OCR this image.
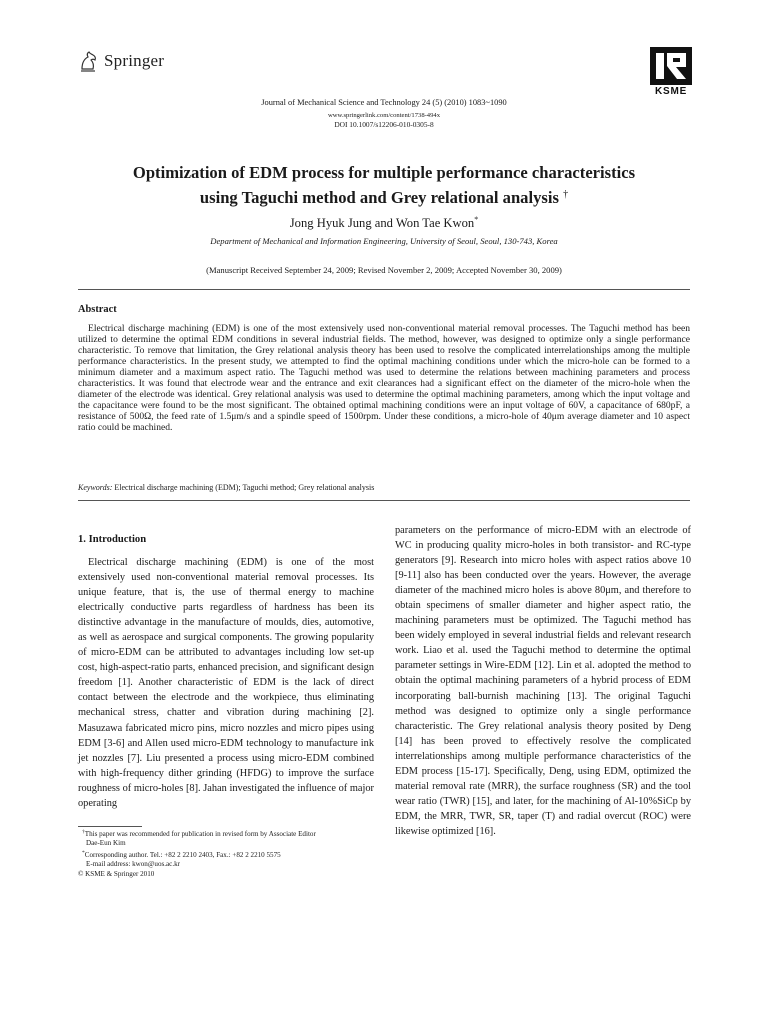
Springer
KSME
Journal of Mechanical Science and Technology 24 (5) (2010) 1083~1090
www.springerlink.com/content/1738-494x
DOI 10.1007/s12206-010-0305-8
Optimization of EDM process for multiple performance characteristics
using Taguchi method and Grey relational analysis †
Jong Hyuk Jung and Won Tae Kwon*
Department of Mechanical and Information Engineering, University of Seoul, Seoul, 130-743, Korea
(Manuscript Received September 24, 2009; Revised November 2, 2009; Accepted November 30, 2009)
Abstract
Electrical discharge machining (EDM) is one of the most extensively used non-conventional material removal processes. The Taguchi method has been utilized to determine the optimal EDM conditions in several industrial fields. The method, however, was designed to optimize only a single performance characteristic. To remove that limitation, the Grey relational analysis theory has been used to resolve the complicated interrelationships among the multiple performance characteristics. In the present study, we attempted to find the optimal machining conditions under which the micro-hole can be formed to a minimum diameter and a maximum aspect ratio. The Taguchi method was used to determine the relations between machining parameters and process characteristics. It was found that electrode wear and the entrance and exit clearances had a significant effect on the diameter of the micro-hole when the diameter of the electrode was identical. Grey relational analysis was used to determine the optimal machining parameters, among which the input voltage and the capacitance were found to be the most significant. The obtained optimal machining conditions were an input voltage of 60V, a capacitance of 680pF, a resistance of 500Ω, the feed rate of 1.5μm/s and a spindle speed of 1500rpm. Under these conditions, a micro-hole of 40μm average diameter and 10 aspect ratio could be machined.
Keywords: Electrical discharge machining (EDM); Taguchi method; Grey relational analysis
1. Introduction
Electrical discharge machining (EDM) is one of the most extensively used non-conventional material removal processes. Its unique feature, that is, the use of thermal energy to machine electrically conductive parts regardless of hardness has been its distinctive advantage in the manufacture of moulds, dies, automotive, as well as aerospace and surgical components. The growing popularity of micro-EDM can be attributed to advantages including low set-up cost, high-aspect-ratio parts, enhanced precision, and significant design freedom [1]. Another characteristic of EDM is the lack of direct contact between the electrode and the workpiece, thus eliminating mechanical stress, chatter and vibration during machining [2]. Masuzawa fabricated micro pins, micro nozzles and micro pipes using EDM [3-6] and Allen used micro-EDM technology to manufacture ink jet nozzles [7]. Liu presented a process using micro-EDM combined with high-frequency dither grinding (HFDG) to improve the surface roughness of micro-holes [8]. Jahan investigated the influence of major operating
parameters on the performance of micro-EDM with an electrode of WC in producing quality micro-holes in both transistor- and RC-type generators [9]. Research into micro holes with aspect ratios above 10 [9-11] also has been conducted over the years. However, the average diameter of the machined micro holes is above 80μm, and therefore to obtain specimens of smaller diameter and higher aspect ratio, the machining parameters must be optimized. The Taguchi method has been widely employed in several industrial fields and relevant research work. Liao et al. used the Taguchi method to determine the optimal parameter settings in Wire-EDM [12]. Lin et al. adopted the method to obtain the optimal machining parameters of a hybrid process of EDM incorporating ball-burnish machining [13]. The original Taguchi method was designed to optimize only a single performance characteristic. The Grey relational analysis theory posited by Deng [14] has been proved to effectively resolve the complicated interrelationships among multiple performance characteristics of the EDM process [15-17]. Specifically, Deng, using EDM, optimized the material removal rate (MRR), the surface roughness (SR) and the tool wear ratio (TWR) [15], and later, for the machining of Al-10%SiCp by EDM, the MRR, TWR, SR, taper (T) and radial overcut (ROC) were likewise optimized [16].
†This paper was recommended for publication in revised form by Associate Editor
Dae-Eun Kim
*Corresponding author. Tel.: +82 2 2210 2403, Fax.: +82 2 2210 5575
E-mail address: kwon@uos.ac.kr
© KSME & Springer 2010
